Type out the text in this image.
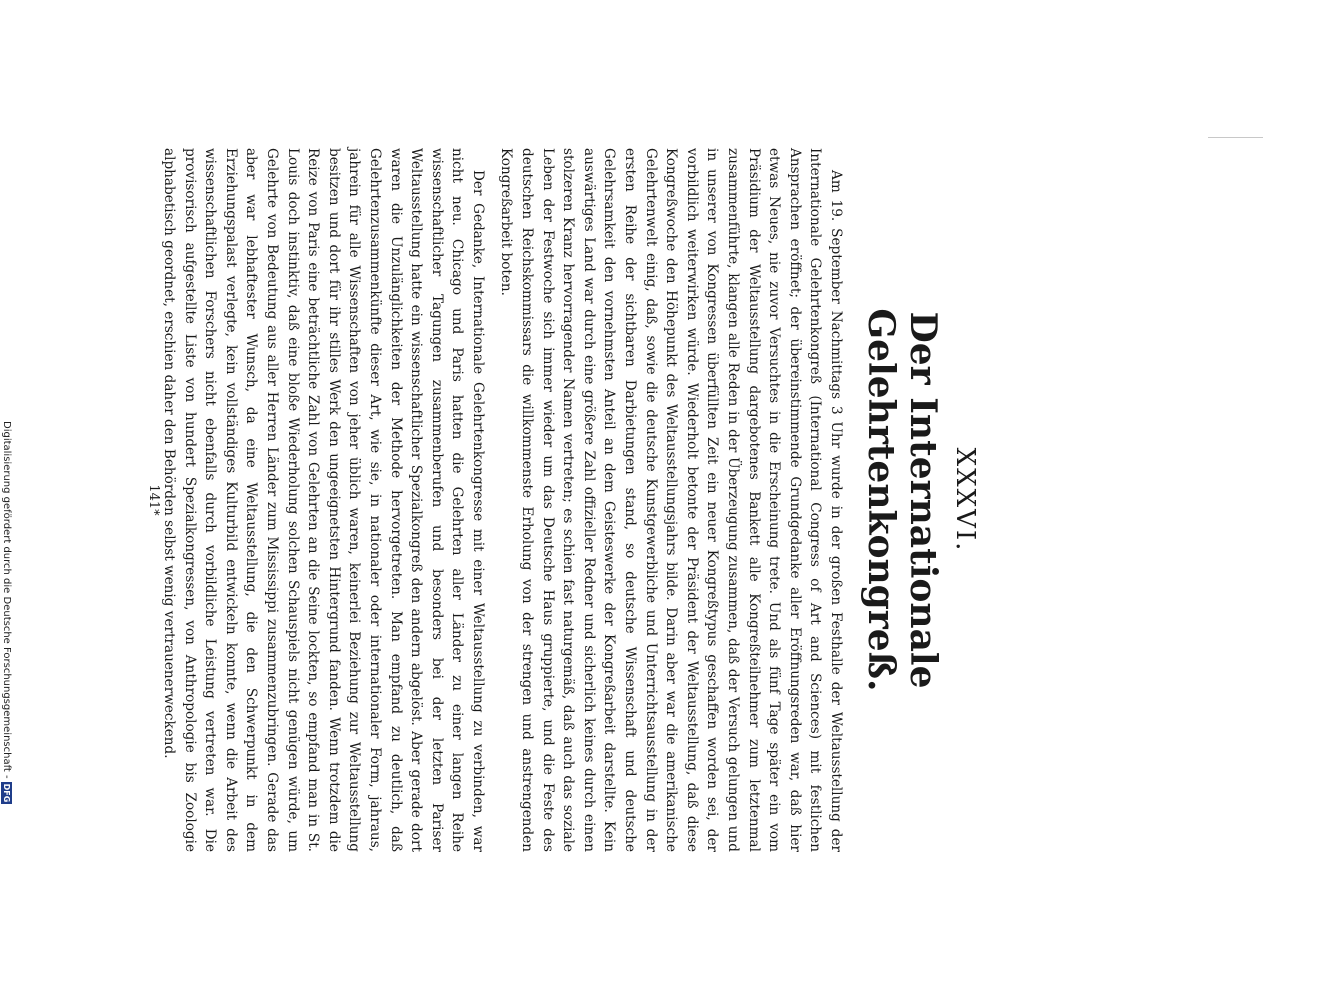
XXXVI.
Der Internationale Gelehrtenkongreß.

Am 19. September Nachmittags 3 Uhr wurde in der großen Festhalle der Weltausstellung der Internationale Gelehrtenkongreß (International Congress of Art and Sciences) mit festlichen Ansprachen eröffnet; der übereinstimmende Grundgedanke aller Eröffnungsreden war, daß hier etwas Neues, nie zuvor Versuchtes in die Erscheinung trete. Und als fünf Tage später ein vom Präsidium der Weltausstellung dargebotenes Bankett alle Kongreßteilnehmer zum letztenmal zusammenführte, klangen alle Reden in der Überzeugung zusammen, daß der Versuch gelungen und in unserer von Kongressen überfüllten Zeit ein neuer Kongreßtypus geschaffen worden sei, der vorbildlich weiterwirken würde. Wiederholt betonte der Präsident der Weltausstellung, daß diese Kongreßwoche den Höhepunkt des Weltausstellungsjahrs bilde. Darin aber war die amerikanische Gelehrtenwelt einig, daß, sowie die deutsche Kunstgewerbliche und Unterrichtsausstellung in der ersten Reihe der sichtbaren Darbietungen stand, so deutsche Wissenschaft und deutsche Gelehrsamkeit den vornehmsten Anteil an dem Geisteswerke der Kongreßarbeit darstellte. Kein auswärtiges Land war durch eine größere Zahl offizieller Redner und sicherlich keines durch einen stolzeren Kranz hervorragender Namen vertreten; es schien fast naturgemäß, daß auch das soziale Leben der Festwoche sich immer wieder um das Deutsche Haus gruppierte, und die Feste des deutschen Reichskommissars die willkommenste Erholung von der strengen und anstrengenden Kongreßarbeit boten.

Der Gedanke, Internationale Gelehrtenkongresse mit einer Weltausstellung zu verbinden, war nicht neu. Chicago und Paris hatten die Gelehrten aller Länder zu einer langen Reihe wissenschaftlicher Tagungen zusammenberufen und besonders bei der letzten Pariser Weltausstellung hatte ein wissenschaftlicher Spezialkongreß den andern abgelöst. Aber gerade dort waren die Unzulänglichkeiten der Methode hervorgetreten. Man empfand zu deutlich, daß Gelehrtenzusammenkünfte dieser Art, wie sie, in nationaler oder internationaler Form, jahraus, jahrein für alle Wissenschaften von jeher üblich waren, keinerlei Beziehung zur Weltausstellung besitzen und dort für ihr stilles Werk den ungeeignetsten Hintergrund fanden. Wenn trotzdem die Reize von Paris eine beträchtliche Zahl von Gelehrten an die Seine lockten, so empfand man in St. Louis doch instinktiv, daß eine bloße Wiederholung solchen Schauspiels nicht genügen würde, um Gelehrte von Bedeutung aus aller Herren Länder zum Mississippi zusammenzubringen. Gerade das aber war lebhaftester Wunsch, da eine Weltausstellung, die den Schwerpunkt in dem Erziehungspalast verlegte, kein vollständiges Kulturbild entwickeln konnte, wenn die Arbeit des wissenschaftlichen Forschers nicht ebenfalls durch vorbildliche Leistung vertreten war. Die provisorisch aufgestellte Liste von hundert Spezialkongressen, von Anthropologie bis Zoologie alphabetisch geordnet, erschien daher den Behörden selbst wenig vertrauenerweckend.

141*
Digitalisierung gefördert durch die Deutsche Forschungsgemeinschaft -
DFG
